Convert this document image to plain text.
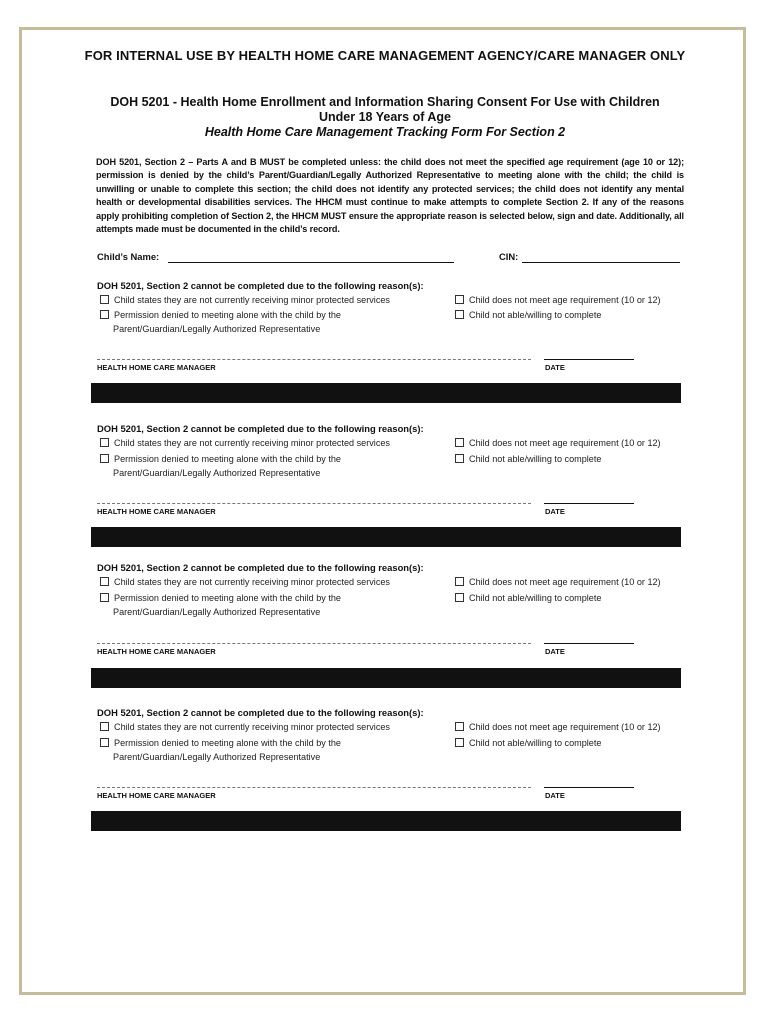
FOR INTERNAL USE BY HEALTH HOME CARE MANAGEMENT AGENCY/CARE MANAGER ONLY
DOH 5201 - Health Home Enrollment and Information Sharing Consent For Use with Children
Under 18 Years of Age
Health Home Care Management Tracking Form For Section 2
DOH 5201, Section 2 – Parts A and B MUST be completed unless: the child does not meet the specified age requirement (age 10 or 12); permission is denied by the child’s Parent/Guardian/Legally Authorized Representative to meeting alone with the child; the child is unwilling or unable to complete this section; the child does not identify any protected services; the child does not identify any mental health or developmental disabilities services. The HHCM must continue to make attempts to complete Section 2. If any of the reasons apply prohibiting completion of Section 2, the HHCM MUST ensure the appropriate reason is selected below, sign and date. Additionally, all attempts made must be documented in the child’s record.
Child’s Name:	CIN:
DOH 5201, Section 2 cannot be completed due to the following reason(s):
Child states they are not currently receiving minor protected services
Permission denied to meeting alone with the child by the
Parent/Guardian/Legally Authorized Representative
Child does not meet age requirement (10 or 12)
Child not able/willing to complete
HEALTH HOME CARE MANAGER	DATE
DOH 5201, Section 2 cannot be completed due to the following reason(s):
Child states they are not currently receiving minor protected services
Permission denied to meeting alone with the child by the
Parent/Guardian/Legally Authorized Representative
Child does not meet age requirement (10 or 12)
Child not able/willing to complete
HEALTH HOME CARE MANAGER	DATE
DOH 5201, Section 2 cannot be completed due to the following reason(s):
Child states they are not currently receiving minor protected services
Permission denied to meeting alone with the child by the
Parent/Guardian/Legally Authorized Representative
Child does not meet age requirement (10 or 12)
Child not able/willing to complete
HEALTH HOME CARE MANAGER	DATE
DOH 5201, Section 2 cannot be completed due to the following reason(s):
Child states they are not currently receiving minor protected services
Permission denied to meeting alone with the child by the
Parent/Guardian/Legally Authorized Representative
Child does not meet age requirement (10 or 12)
Child not able/willing to complete
HEALTH HOME CARE MANAGER	DATE
